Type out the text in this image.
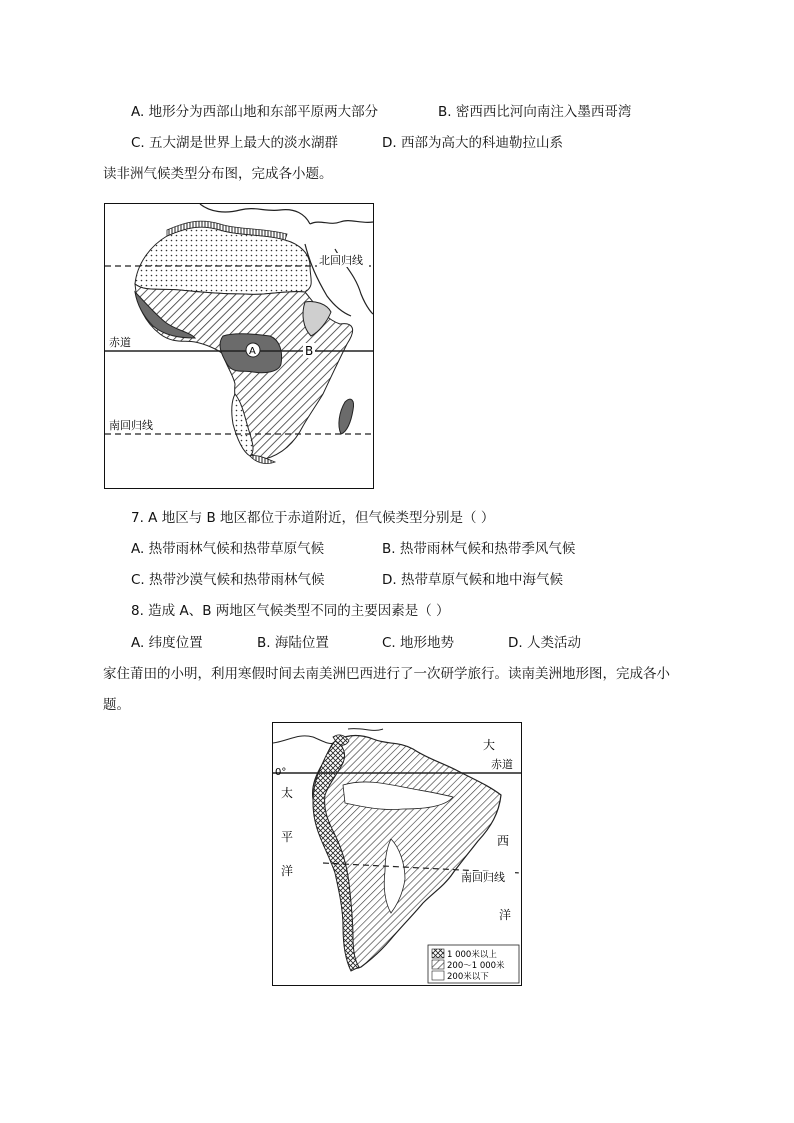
A. 地形分为西部山地和东部平原两大部分	B. 密西西比河向南注入墨西哥湾
C. 五大湖是世界上最大的淡水湖群	D. 西部为高大的科迪勒拉山系
读非洲气候类型分布图，完成各小题。
北回归线
赤道
南回归线
A	B
7. A 地区与 B 地区都位于赤道附近，但气候类型分别是（ ）
A. 热带雨林气候和热带草原气候	B. 热带雨林气候和热带季风气候
C. 热带沙漠气候和热带雨林气候	D. 热带草原气候和地中海气候
8. 造成 A、B 两地区气候类型不同的主要因素是（ ）
A. 纬度位置	B. 海陆位置	C. 地形地势	D. 人类活动
家住莆田的小明，利用寒假时间去南美洲巴西进行了一次研学旅行。读南美洲地形图，完成各小
题。
大
赤道
0°
太
平
洋
西
南回归线
洋
1 000米以上
200～1 000米
200米以下
